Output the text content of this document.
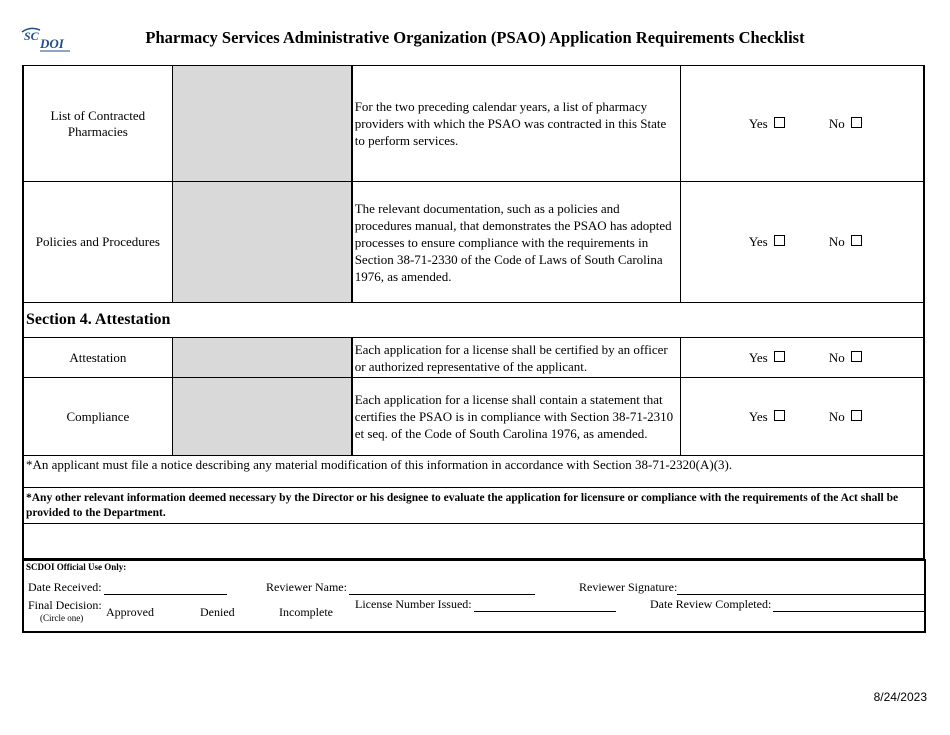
SC DOI	Pharmacy Services Administrative Organization (PSAO) Application Requirements Checklist
List of Contracted Pharmacies		For the two preceding calendar years, a list of pharmacy providers with which the PSAO was contracted in this State to perform services.	Yes No
Policies and Procedures		The relevant documentation, such as a policies and procedures manual, that demonstrates the PSAO has adopted processes to ensure compliance with the requirements in Section 38-71-2330 of the Code of Laws of South Carolina 1976, as amended.	Yes No
Section 4. Attestation			
Attestation		Each application for a license shall be certified by an officer or authorized representative of the applicant.	Yes No
Compliance		Each application for a license shall contain a statement that certifies the PSAO is in compliance with Section 38-71-2310 et seq. of the Code of South Carolina 1976, as amended.	Yes No
*An applicant must file a notice describing any material modification of this information in accordance with Section 38-71-2320(A)(3).			
*Any other relevant information deemed necessary by the Director or his designee to evaluate the application for licensure or compliance with the requirements of the Act shall be provided to the Department.			

SCDOI Official Use Only:
Date Received:	Reviewer Name:	Reviewer Signature:
Final Decision:
(Circle one) Approved	Denied	Incomplete
License Number Issued:	Date Review Completed:
8/24/2023
